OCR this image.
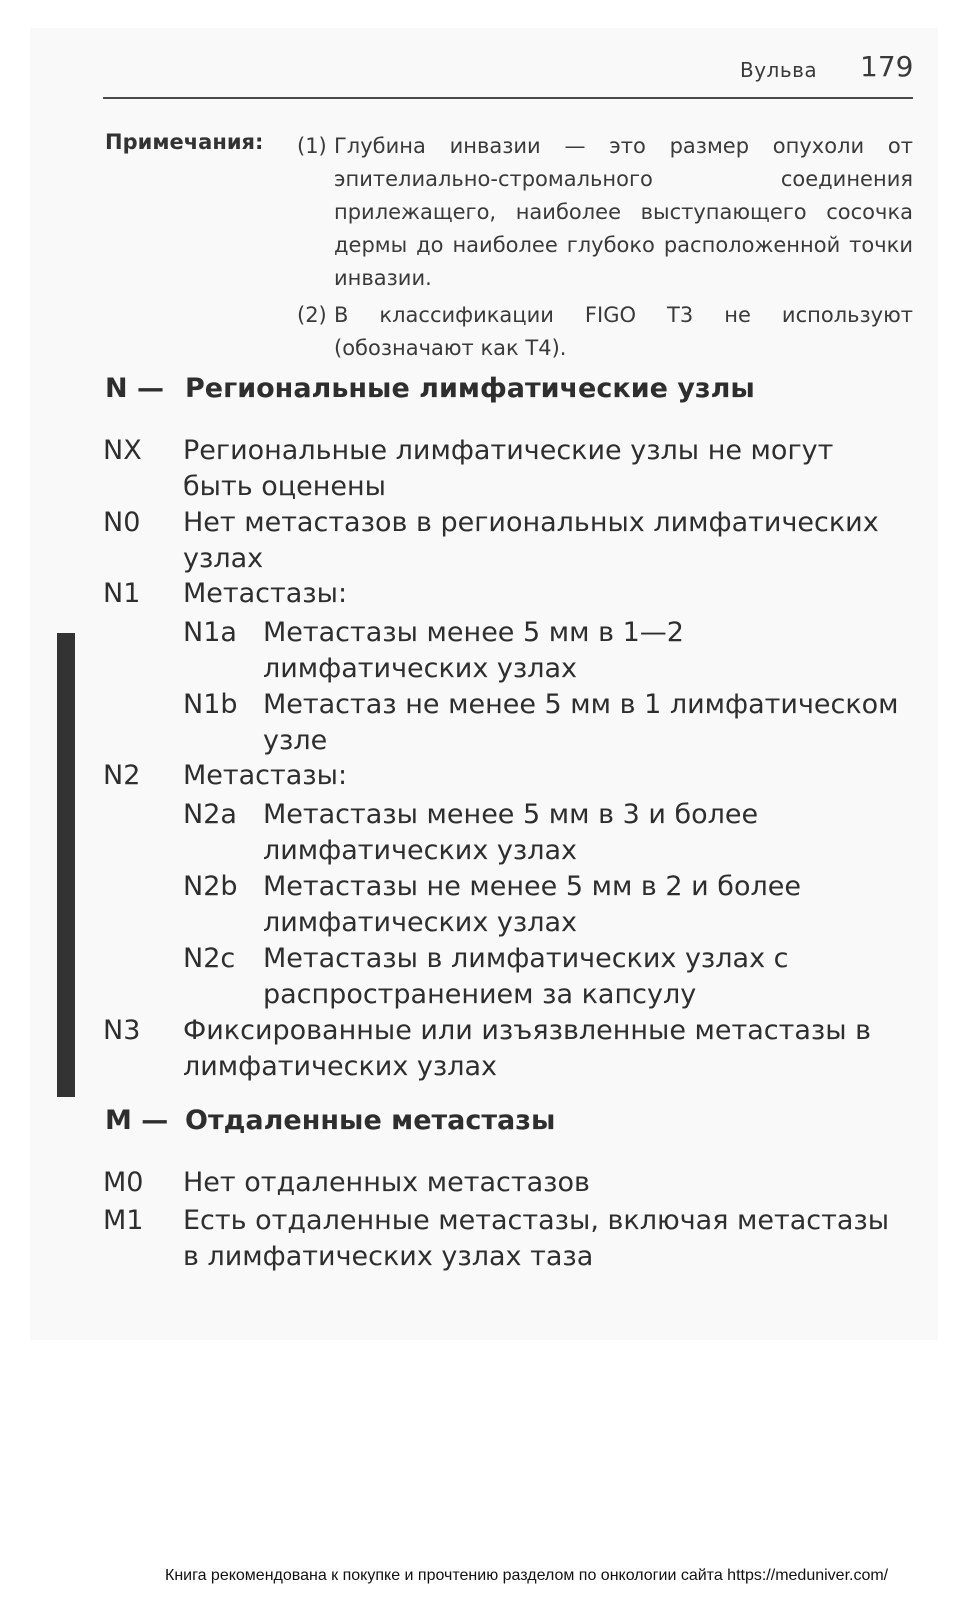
Вульва 179
Примечания: (1) Глубина инвазии — это размер опухоли от эпителиально-стромального соединения прилежащего, наиболее выступающего сосочка дермы до наиболее глубоко расположенной точки инвазии.
(2) В классификации FIGO T3 не используют (обозначают как T4).
N — Региональные лимфатические узлы
NX	Региональные лимфатические узлы не могут быть оценены
N0	Нет метастазов в региональных лимфатических узлах
N1	Метастазы:
N1a Метастазы менее 5 мм в 1—2 лимфатических узлах
N1b Метастаз не менее 5 мм в 1 лимфатическом узле
N2	Метастазы:
N2a Метастазы менее 5 мм в 3 и более лимфатических узлах
N2b Метастазы не менее 5 мм в 2 и более лимфатических узлах
N2c	Метастазы в лимфатических узлах с распространением за капсулу
N3	Фиксированные или изъязвленные метастазы в лимфатических узлах
M — Отдаленные метастазы
M0	Нет отдаленных метастазов
M1	Есть отдаленные метастазы, включая метастазы в лимфатических узлах таза
Книга рекомендована к покупке и прочтению разделом по онкологии сайта https://meduniver.com/
